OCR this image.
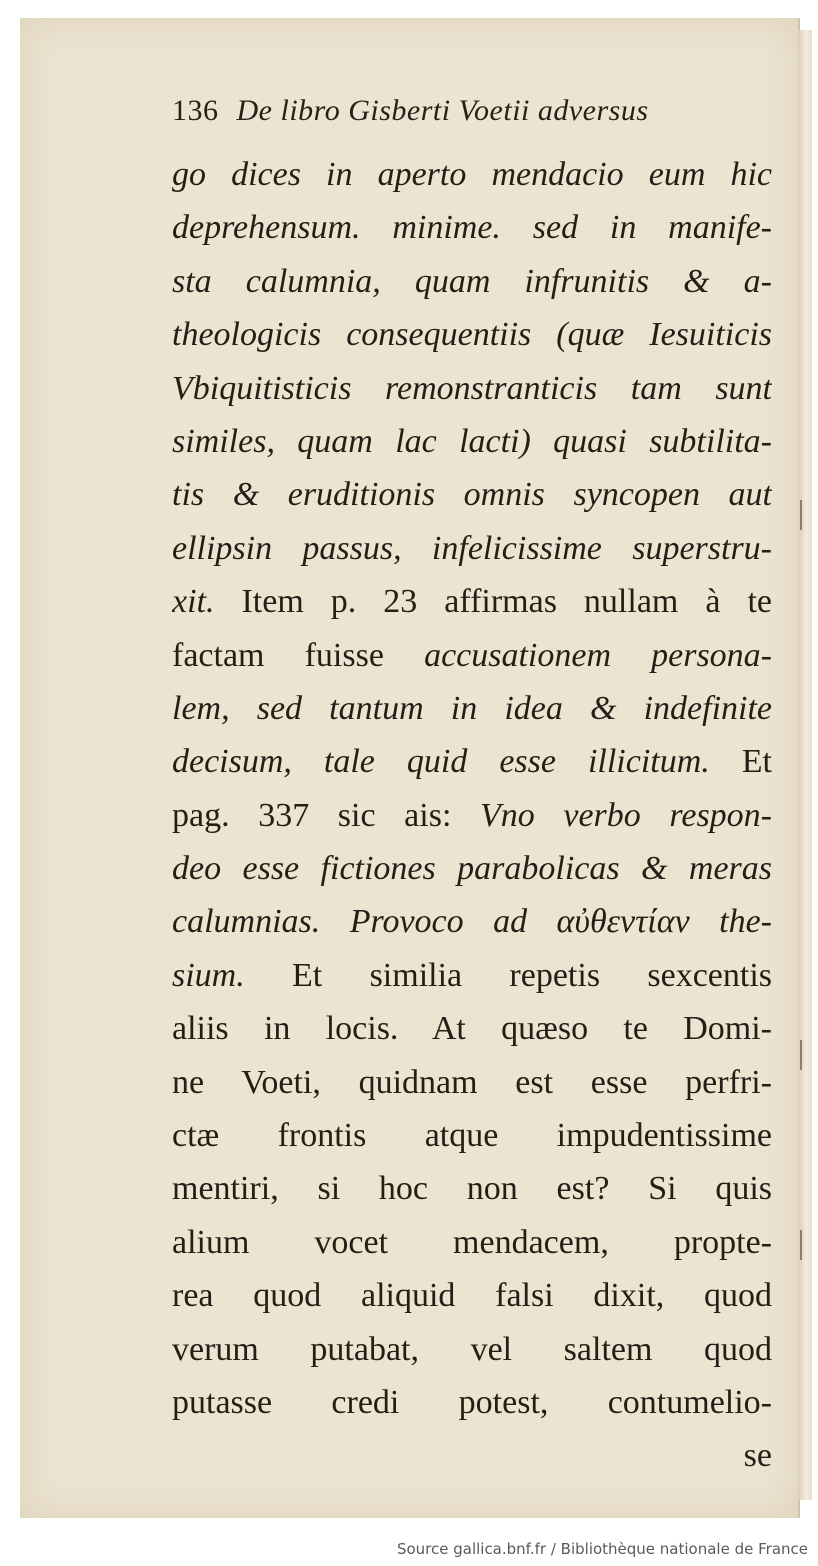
136 De libro Gisberti Voetii adversus
go dices in aperto mendacio eum hic
deprehensum. minime. sed in manife-
sta calumnia, quam infrunitis & a-
theologicis consequentiis (quæ Iesuiticis
Vbiquitisticis remonstranticis tam sunt
similes, quam lac lacti) quasi subtilita-
tis & eruditionis omnis syncopen aut
ellipsin passus, infelicissime superstru-
xit. Item p. 23 affirmas nullam à te
factam fuisse accusationem persona-
lem, sed tantum in idea & indefinite
decisum, tale quid esse illicitum. Et
pag. 337 sic ais: Vno verbo respon-
deo esse fictiones parabolicas & meras
calumnias. Provoco ad αὐθεντίαν the-
sium. Et similia repetis sexcentis
aliis in locis. At quæso te Domi-
ne Voeti, quidnam est esse perfri-
ctæ frontis atque impudentissime
mentiri, si hoc non est? Si quis
alium vocet mendacem, propte-
rea quod aliquid falsi dixit, quod
verum putabat, vel saltem quod
putasse credi potest, contumelio-
se
Source gallica.bnf.fr / Bibliothèque nationale de France
